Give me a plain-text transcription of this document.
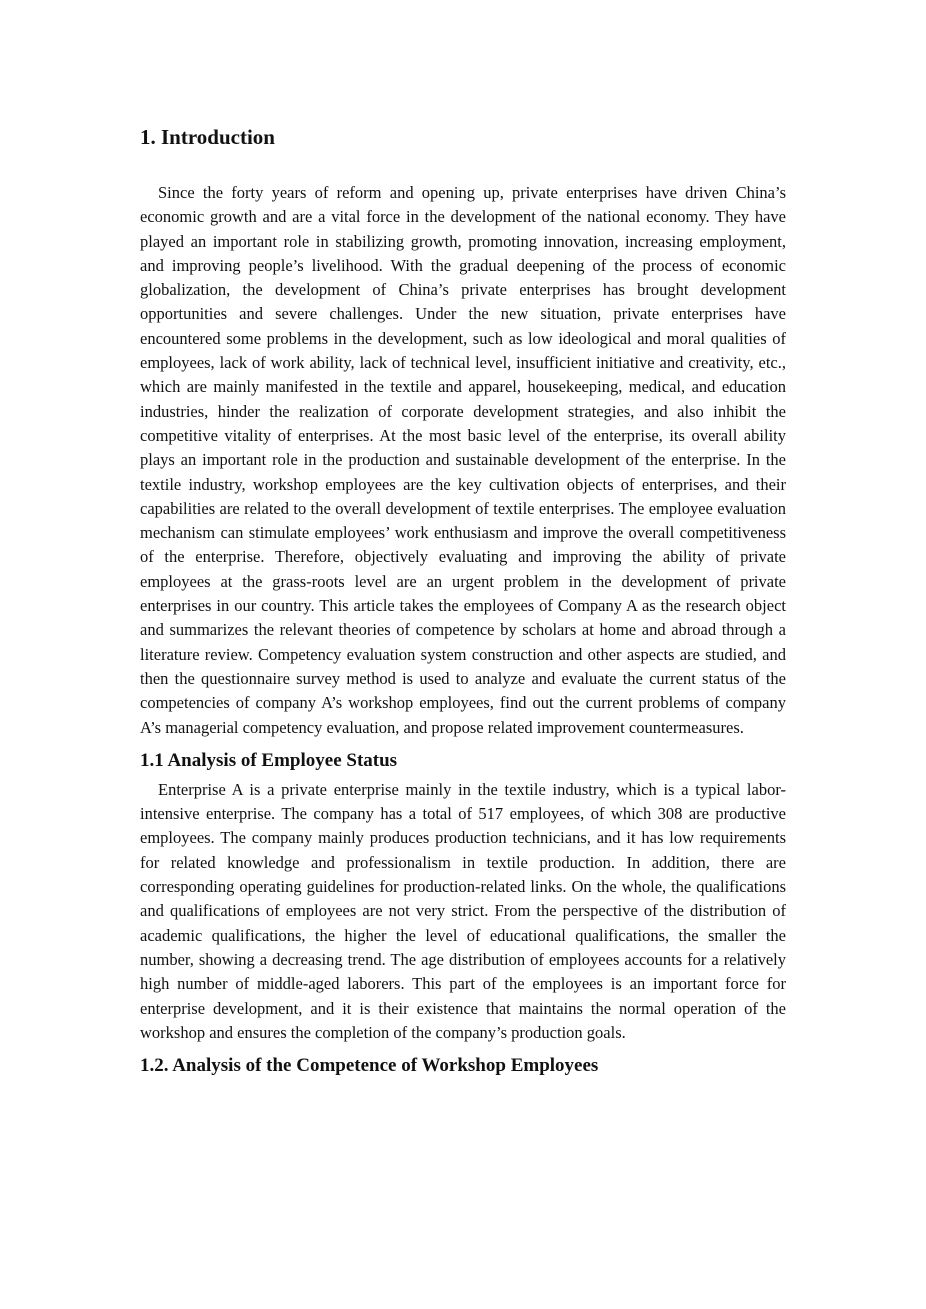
1. Introduction

Since the forty years of reform and opening up, private enterprises have driven China’s economic growth and are a vital force in the development of the national economy. They have played an important role in stabilizing growth, promoting innovation, increasing employment, and improving people’s livelihood. With the gradual deepening of the process of economic globalization, the development of China’s private enterprises has brought development opportunities and severe challenges. Under the new situation, private enterprises have encountered some problems in the development, such as low ideological and moral qualities of employees, lack of work ability, lack of technical level, insufficient initiative and creativity, etc., which are mainly manifested in the textile and apparel, housekeeping, medical, and education industries, hinder the realization of corporate development strategies, and also inhibit the competitive vitality of enterprises. At the most basic level of the enterprise, its overall ability plays an important role in the production and sustainable development of the enterprise. In the textile industry, workshop employees are the key cultivation objects of enterprises, and their capabilities are related to the overall development of textile enterprises. The employee evaluation mechanism can stimulate employees’ work enthusiasm and improve the overall competitiveness of the enterprise. Therefore, objectively evaluating and improving the ability of private employees at the grass-roots level are an urgent problem in the development of private enterprises in our country. This article takes the employees of Company A as the research object and summarizes the relevant theories of competence by scholars at home and abroad through a literature review. Competency evaluation system construction and other aspects are studied, and then the questionnaire survey method is used to analyze and evaluate the current status of the competencies of company A’s workshop employees, find out the current problems of company A’s managerial competency evaluation, and propose related improvement countermeasures.

1.1 Analysis of Employee Status

Enterprise A is a private enterprise mainly in the textile industry, which is a typical labor-intensive enterprise. The company has a total of 517 employees, of which 308 are productive employees. The company mainly produces production technicians, and it has low requirements for related knowledge and professionalism in textile production. In addition, there are corresponding operating guidelines for production-related links. On the whole, the qualifications and qualifications of employees are not very strict. From the perspective of the distribution of academic qualifications, the higher the level of educational qualifications, the smaller the number, showing a decreasing trend. The age distribution of employees accounts for a relatively high number of middle-aged laborers. This part of the employees is an important force for enterprise development, and it is their existence that maintains the normal operation of the workshop and ensures the completion of the company’s production goals.

1.2. Analysis of the Competence of Workshop Employees
